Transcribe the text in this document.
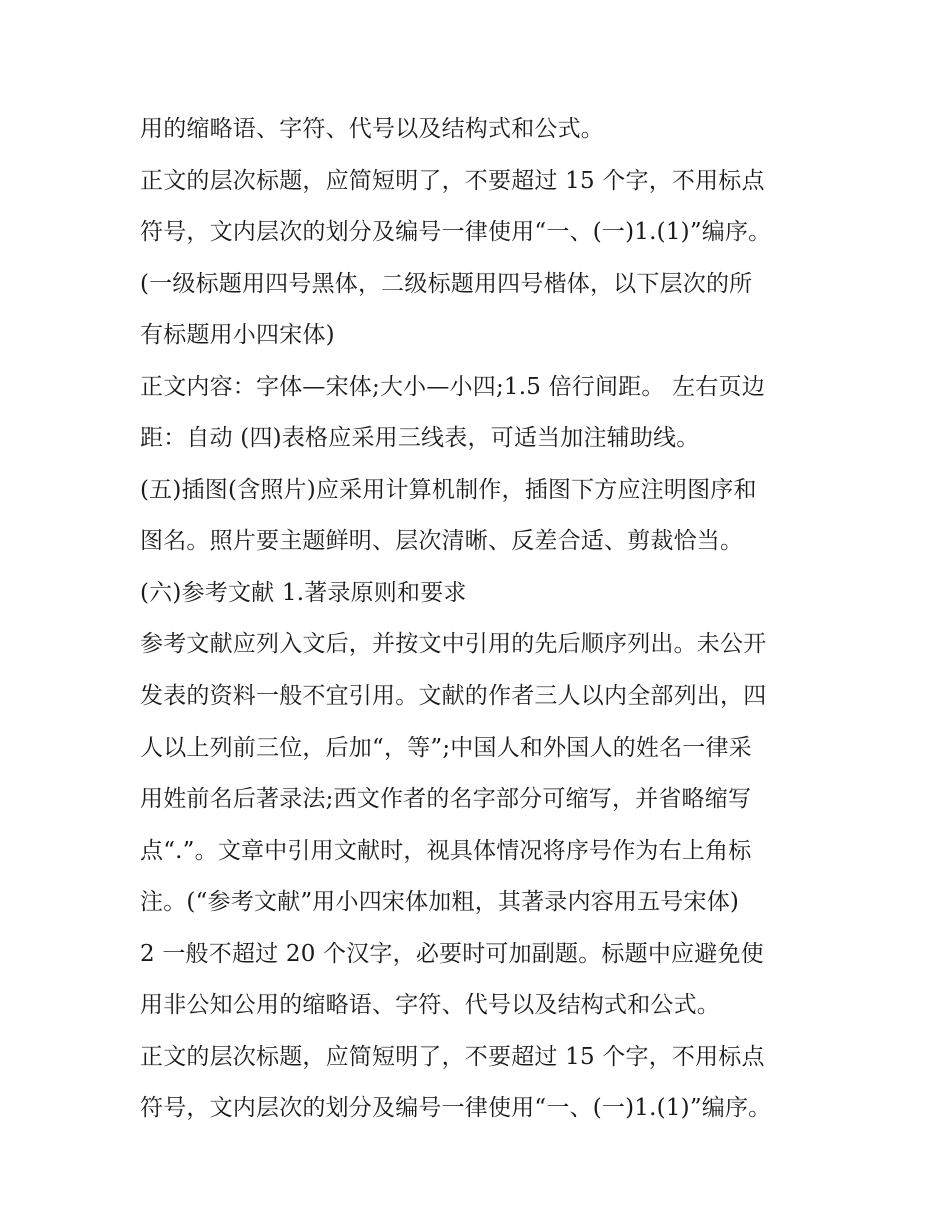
用的缩略语、字符、代号以及结构式和公式。
正文的层次标题，应简短明了，不要超过 15 个字，不用标点
符号，文内层次的划分及编号一律使用“一、(一)1.(1)”编序。
(一级标题用四号黑体，二级标题用四号楷体，以下层次的所
有标题用小四宋体)
正文内容：字体—宋体;大小—小四;1.5 倍行间距。 左右页边
距：自动 (四)表格应采用三线表，可适当加注辅助线。
(五)插图(含照片)应采用计算机制作，插图下方应注明图序和
图名。照片要主题鲜明、层次清晰、反差合适、剪裁恰当。
(六)参考文献 1.著录原则和要求
参考文献应列入文后，并按文中引用的先后顺序列出。未公开
发表的资料一般不宜引用。文献的作者三人以内全部列出，四
人以上列前三位，后加“，等”;中国人和外国人的姓名一律采
用姓前名后著录法;西文作者的名字部分可缩写，并省略缩写
点“.”。文章中引用文献时，视具体情况将序号作为右上角标
注。(“参考文献”用小四宋体加粗，其著录内容用五号宋体)
2 一般不超过 20 个汉字，必要时可加副题。标题中应避免使
用非公知公用的缩略语、字符、代号以及结构式和公式。
正文的层次标题，应简短明了，不要超过 15 个字，不用标点
符号，文内层次的划分及编号一律使用“一、(一)1.(1)”编序。
